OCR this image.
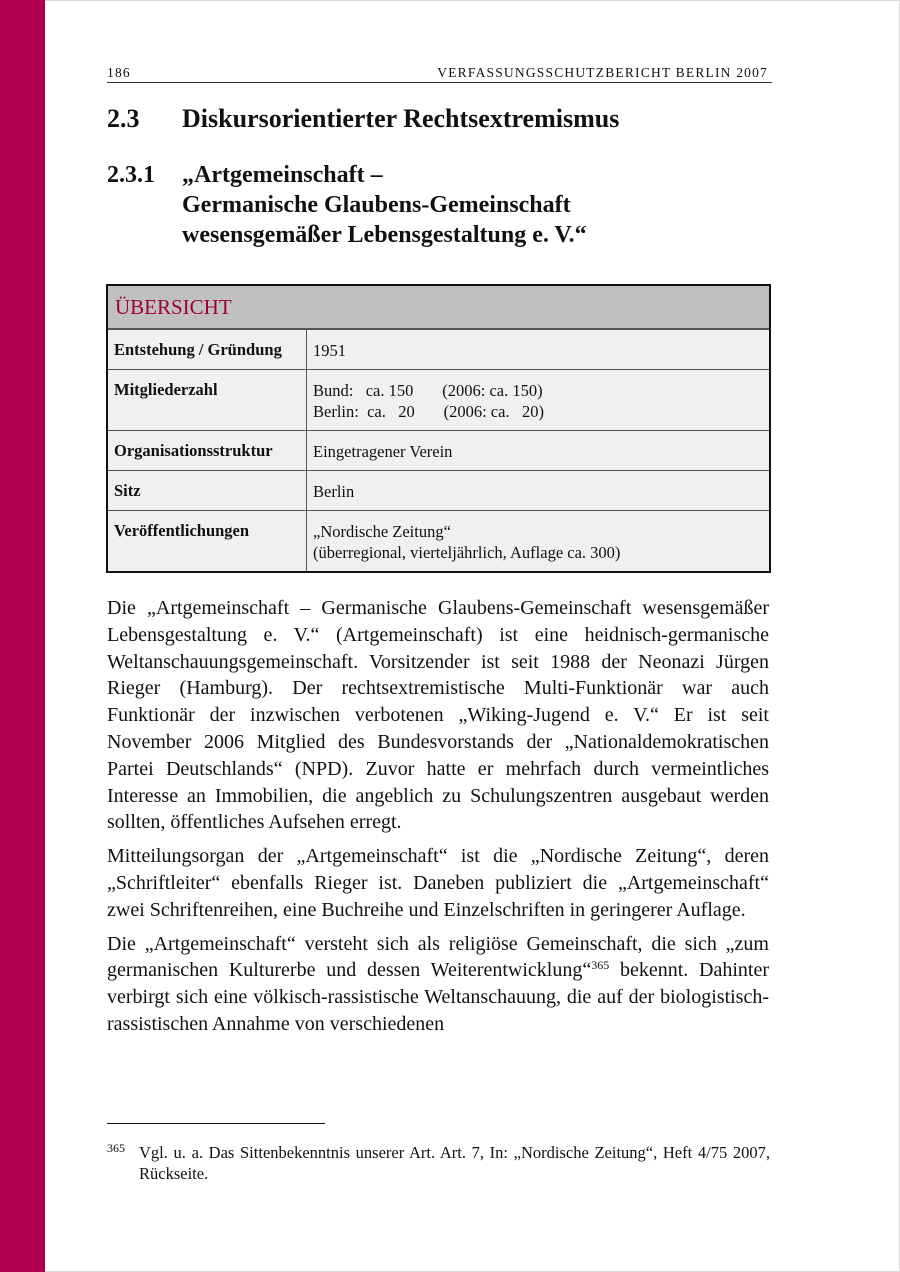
186	VERFASSUNGSSCHUTZBERICHT BERLIN 2007
2.3 Diskursorientierter Rechtsextremismus
2.3.1 „Artgemeinschaft –
Germanische Glaubens-Gemeinschaft
wesensgemäßer Lebensgestaltung e. V.“
ÜBERSICHT
Entstehung / Gründung	1951
Mitgliederzahl	Bund:   ca. 150       (2006: ca. 150)
Berlin:  ca.   20       (2006: ca.   20)
Organisationsstruktur	Eingetragener Verein
Sitz	Berlin
Veröffentlichungen	„Nordische Zeitung“
(überregional, vierteljährlich, Auflage ca. 300)

Die „Artgemeinschaft – Germanische Glaubens-Gemeinschaft wesensgemäßer Lebensgestaltung e. V.“ (Artgemeinschaft) ist eine heidnisch-germanische Weltanschauungsgemeinschaft. Vorsitzender ist seit 1988 der Neonazi Jürgen Rieger (Hamburg). Der rechtsextremistische Multi-Funktionär war auch Funktionär der inzwischen verbotenen „Wiking-Jugend e. V.“ Er ist seit November 2006 Mitglied des Bundesvorstands der „Nationaldemokratischen Partei Deutschlands“ (NPD). Zuvor hatte er mehrfach durch vermeintliches Interesse an Immobilien, die angeblich zu Schulungszentren ausgebaut werden sollten, öffentliches Aufsehen erregt.

Mitteilungsorgan der „Artgemeinschaft“ ist die „Nordische Zeitung“, deren „Schriftleiter“ ebenfalls Rieger ist. Daneben publiziert die „Artgemeinschaft“ zwei Schriftenreihen, eine Buchreihe und Einzelschriften in geringerer Auflage.

Die „Artgemeinschaft“ versteht sich als religiöse Gemeinschaft, die sich „zum germanischen Kulturerbe und dessen Weiterentwicklung“$^{365}$ bekennt. Dahinter verbirgt sich eine völkisch-rassistische Weltanschauung, die auf der biologistisch-rassistischen Annahme von verschiedenen

365 Vgl. u. a. Das Sittenbekenntnis unserer Art. Art. 7, In: „Nordische Zeitung“, Heft 4/75 2007, Rückseite.
